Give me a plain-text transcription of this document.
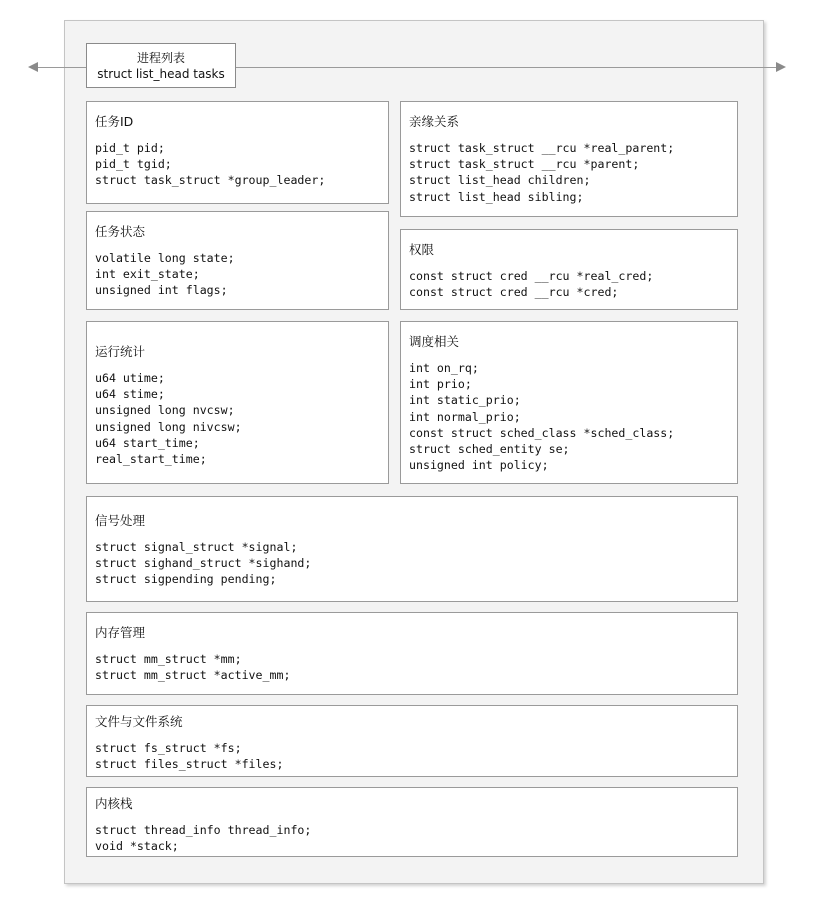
进程列表
struct list_head tasks
任务ID
pid_t pid;
pid_t tgid;
struct task_struct *group_leader;
亲缘关系
struct task_struct __rcu *real_parent;
struct task_struct __rcu *parent;
struct list_head children;
struct list_head sibling;
任务状态
volatile long state;
int exit_state;
unsigned int flags;
权限
const struct cred __rcu *real_cred;
const struct cred __rcu *cred;
运行统计
u64 utime;
u64 stime;
unsigned long nvcsw;
unsigned long nivcsw;
u64 start_time;
real_start_time;
调度相关
int on_rq;
int prio;
int static_prio;
int normal_prio;
const struct sched_class *sched_class;
struct sched_entity se;
unsigned int policy;
信号处理
struct signal_struct *signal;
struct sighand_struct *sighand;
struct sigpending pending;
内存管理
struct mm_struct *mm;
struct mm_struct *active_mm;
文件与文件系统
struct fs_struct *fs;
struct files_struct *files;
内核栈
struct thread_info thread_info;
void *stack;
